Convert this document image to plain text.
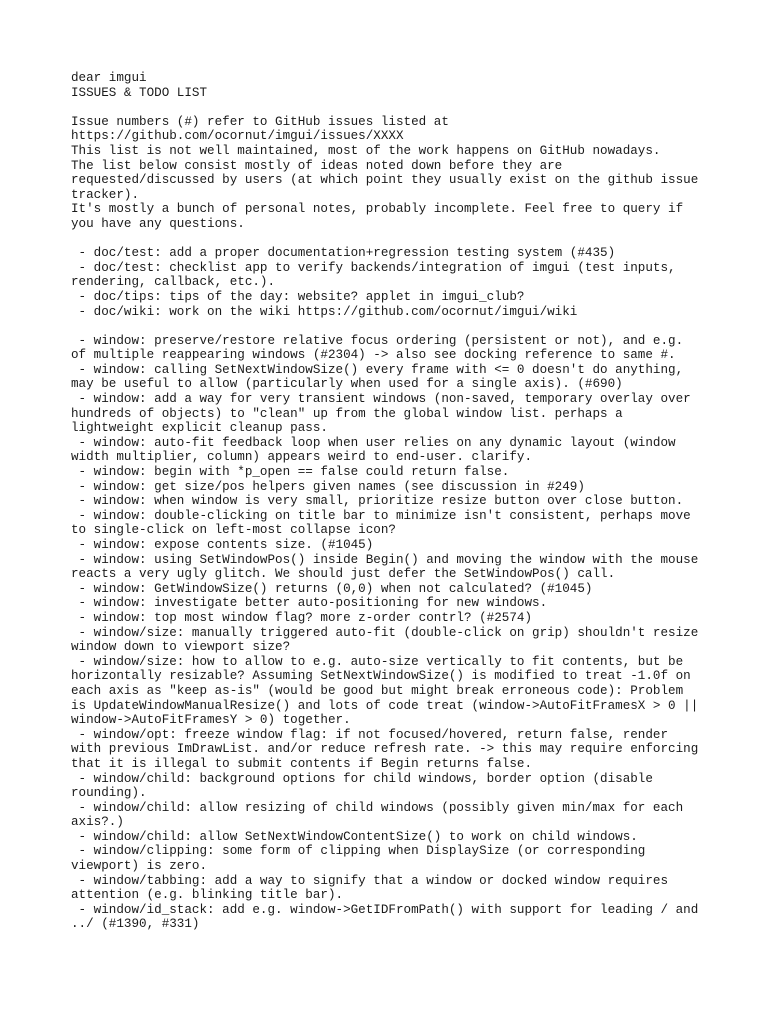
dear imgui
ISSUES & TODO LIST
Issue numbers (#) refer to GitHub issues listed at
https://github.com/ocornut/imgui/issues/XXXX
This list is not well maintained, most of the work happens on GitHub nowadays.
The list below consist mostly of ideas noted down before they are
requested/discussed by users (at which point they usually exist on the github issue
tracker).
It's mostly a bunch of personal notes, probably incomplete. Feel free to query if
you have any questions.
- doc/test: add a proper documentation+regression testing system (#435)
- doc/test: checklist app to verify backends/integration of imgui (test inputs,
rendering, callback, etc.).
- doc/tips: tips of the day: website? applet in imgui_club?
- doc/wiki: work on the wiki https://github.com/ocornut/imgui/wiki
- window: preserve/restore relative focus ordering (persistent or not), and e.g.
of multiple reappearing windows (#2304) -> also see docking reference to same #.
- window: calling SetNextWindowSize() every frame with <= 0 doesn't do anything,
may be useful to allow (particularly when used for a single axis). (#690)
- window: add a way for very transient windows (non-saved, temporary overlay over
hundreds of objects) to "clean" up from the global window list. perhaps a
lightweight explicit cleanup pass.
- window: auto-fit feedback loop when user relies on any dynamic layout (window
width multiplier, column) appears weird to end-user. clarify.
- window: begin with *p_open == false could return false.
- window: get size/pos helpers given names (see discussion in #249)
- window: when window is very small, prioritize resize button over close button.
- window: double-clicking on title bar to minimize isn't consistent, perhaps move
to single-click on left-most collapse icon?
- window: expose contents size. (#1045)
- window: using SetWindowPos() inside Begin() and moving the window with the mouse
reacts a very ugly glitch. We should just defer the SetWindowPos() call.
- window: GetWindowSize() returns (0,0) when not calculated? (#1045)
- window: investigate better auto-positioning for new windows.
- window: top most window flag? more z-order contrl? (#2574)
- window/size: manually triggered auto-fit (double-click on grip) shouldn't resize
window down to viewport size?
- window/size: how to allow to e.g. auto-size vertically to fit contents, but be
horizontally resizable? Assuming SetNextWindowSize() is modified to treat -1.0f on
each axis as "keep as-is" (would be good but might break erroneous code): Problem
is UpdateWindowManualResize() and lots of code treat (window->AutoFitFramesX > 0 ||
window->AutoFitFramesY > 0) together.
- window/opt: freeze window flag: if not focused/hovered, return false, render
with previous ImDrawList. and/or reduce refresh rate. -> this may require enforcing
that it is illegal to submit contents if Begin returns false.
- window/child: background options for child windows, border option (disable
rounding).
- window/child: allow resizing of child windows (possibly given min/max for each
axis?.)
- window/child: allow SetNextWindowContentSize() to work on child windows.
- window/clipping: some form of clipping when DisplaySize (or corresponding
viewport) is zero.
- window/tabbing: add a way to signify that a window or docked window requires
attention (e.g. blinking title bar).
- window/id_stack: add e.g. window->GetIDFromPath() with support for leading / and
../ (#1390, #331)
